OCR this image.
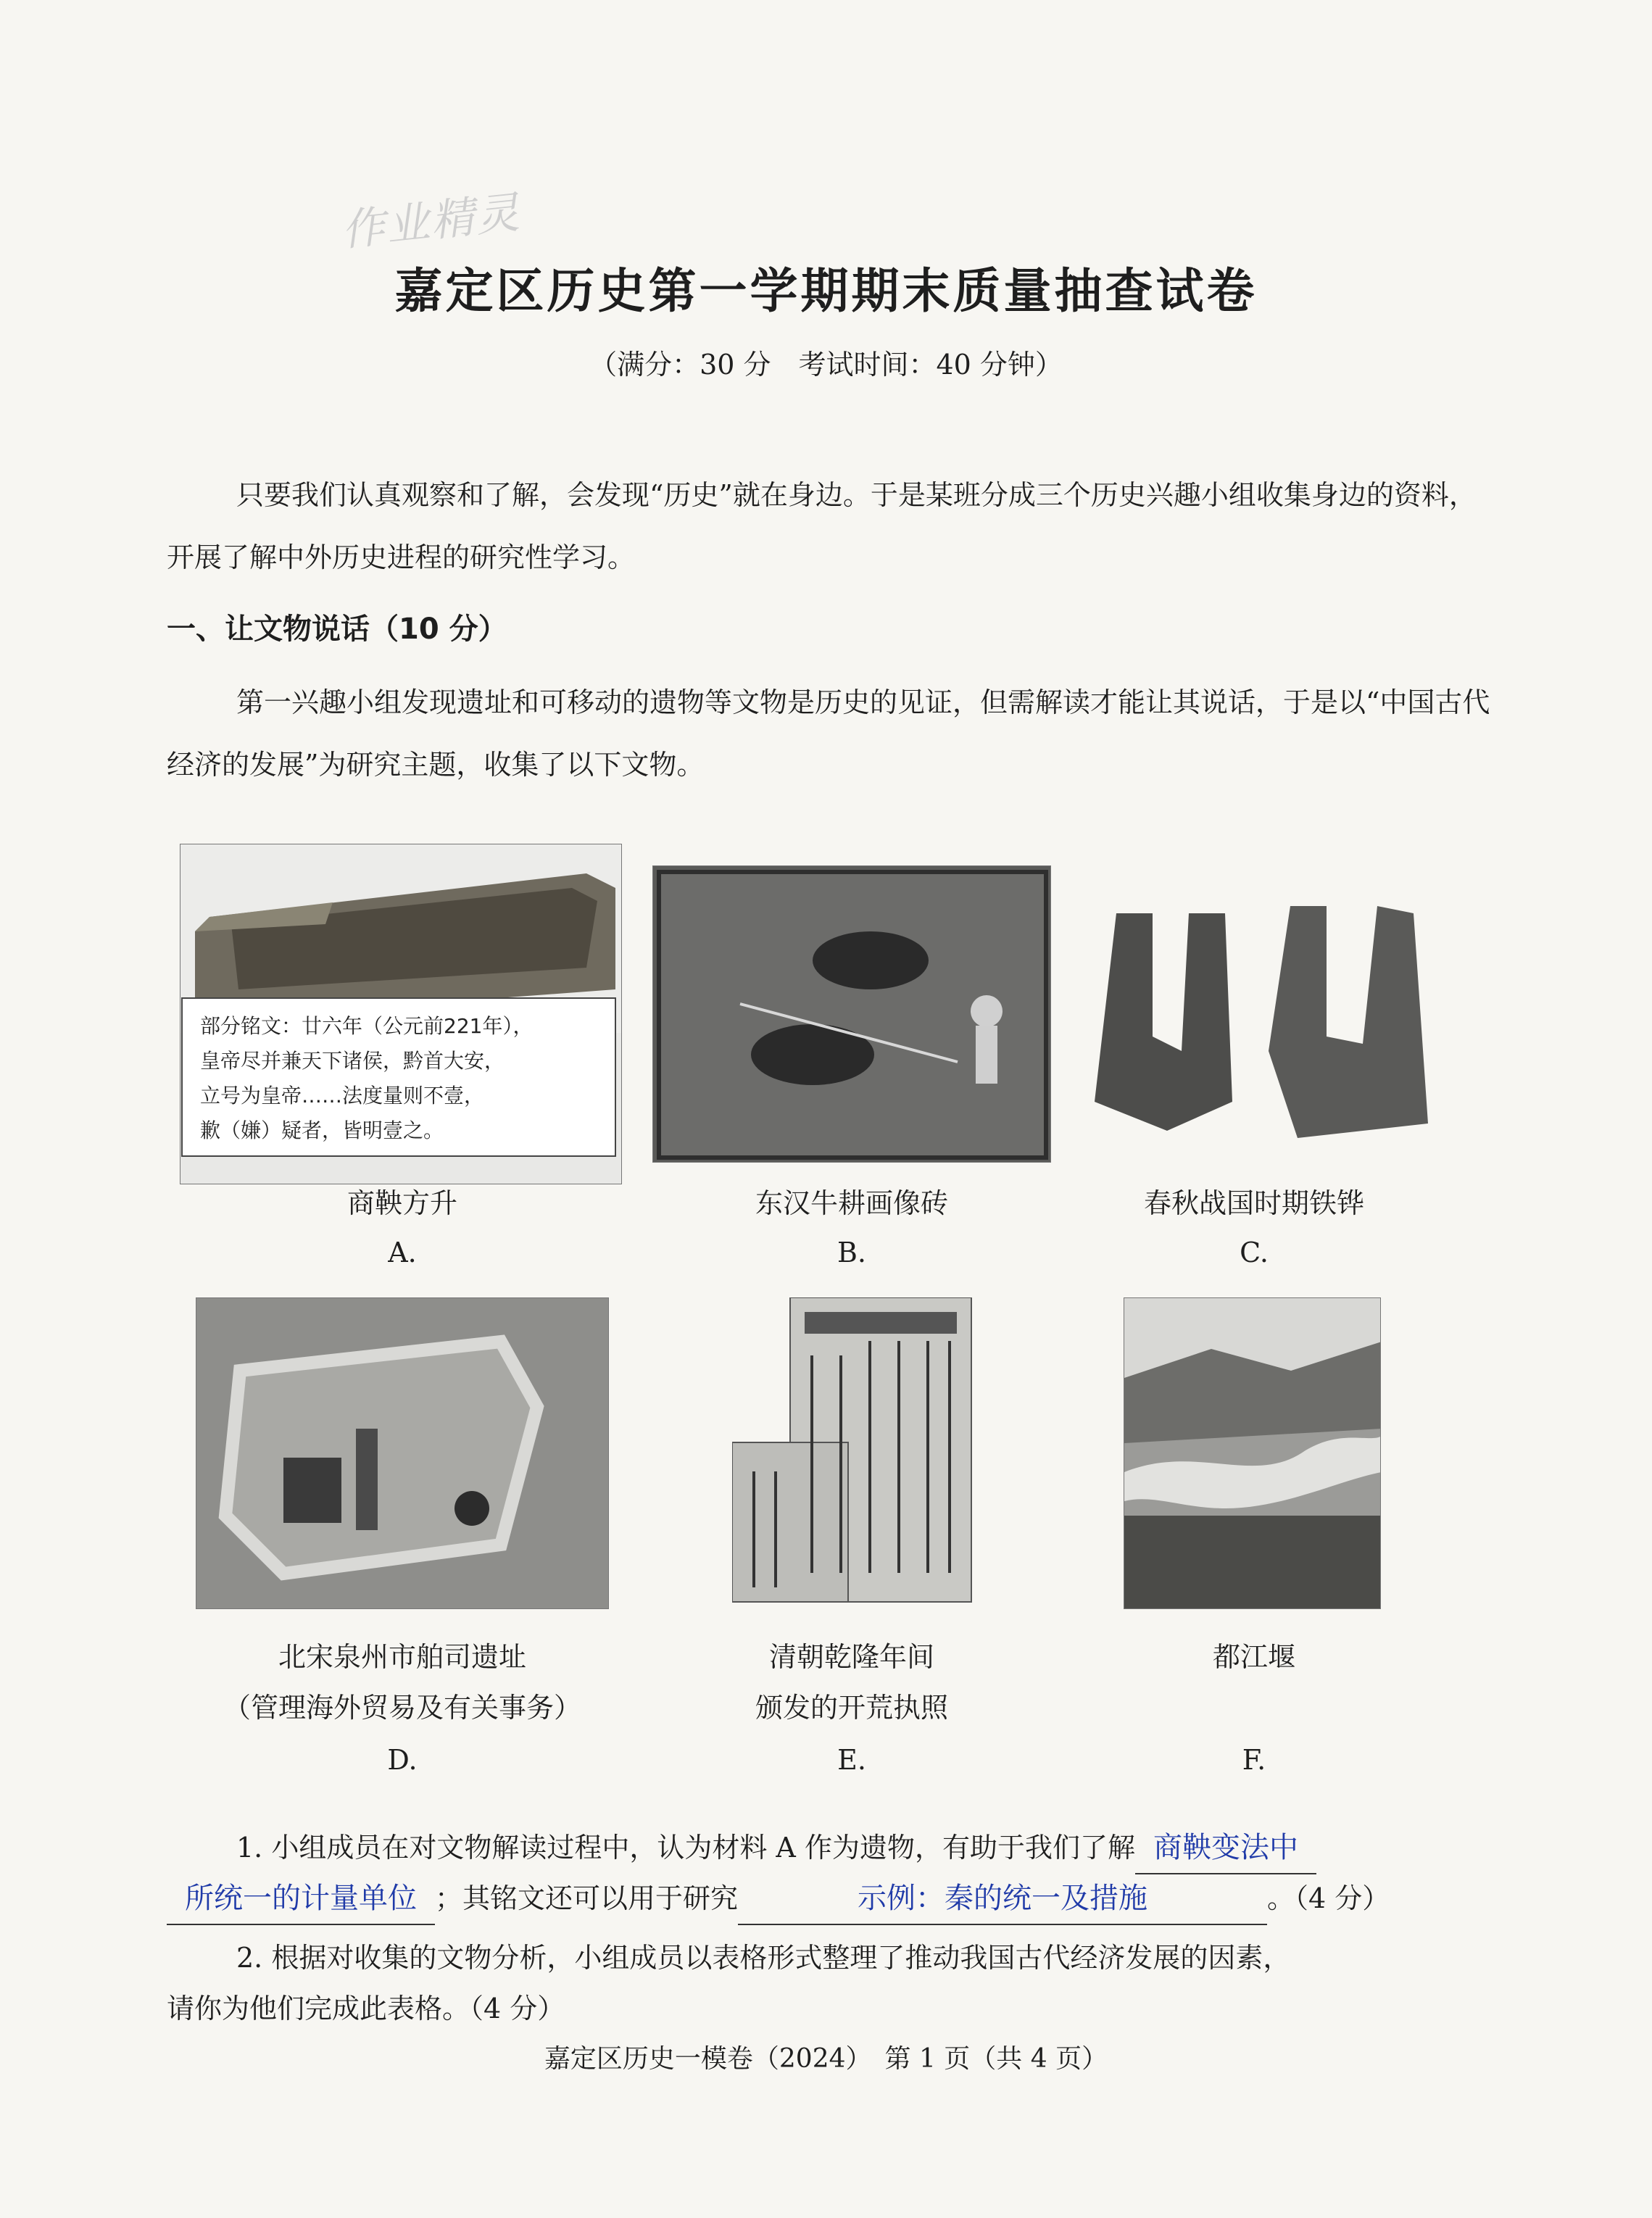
作业精灵
嘉定区历史第一学期期末质量抽查试卷
（满分：30 分　考试时间：40 分钟）
只要我们认真观察和了解，会发现“历史”就在身边。于是某班分成三个历史兴趣小组收集身边的资料，开展了解中外历史进程的研究性学习。
一、让文物说话（10 分）
第一兴趣小组发现遗址和可移动的遗物等文物是历史的见证，但需解读才能让其说话，于是以“中国古代经济的发展”为研究主题，收集了以下文物。
部分铭文：廿六年（公元前221年），
皇帝尽并兼天下诸侯，黔首大安，
立号为皇帝……法度量则不壹，
歉（嫌）疑者，皆明壹之。
商鞅方升
A.
东汉牛耕画像砖
B.
春秋战国时期铁铧
C.
北宋泉州市舶司遗址
（管理海外贸易及有关事务）
D.
清朝乾隆年间
颁发的开荒执照
E.
都江堰
F.
1. 小组成员在对文物解读过程中，认为材料 A 作为遗物，有助于我们了解 商鞅变法中
所统一的计量单位 ；其铭文还可以用于研究	示例：秦的统一及措施	。（4 分）
2. 根据对收集的文物分析，小组成员以表格形式整理了推动我国古代经济发展的因素，
请你为他们完成此表格。（4 分）
嘉定区历史一模卷（2024）　第 1 页（共 4 页）
